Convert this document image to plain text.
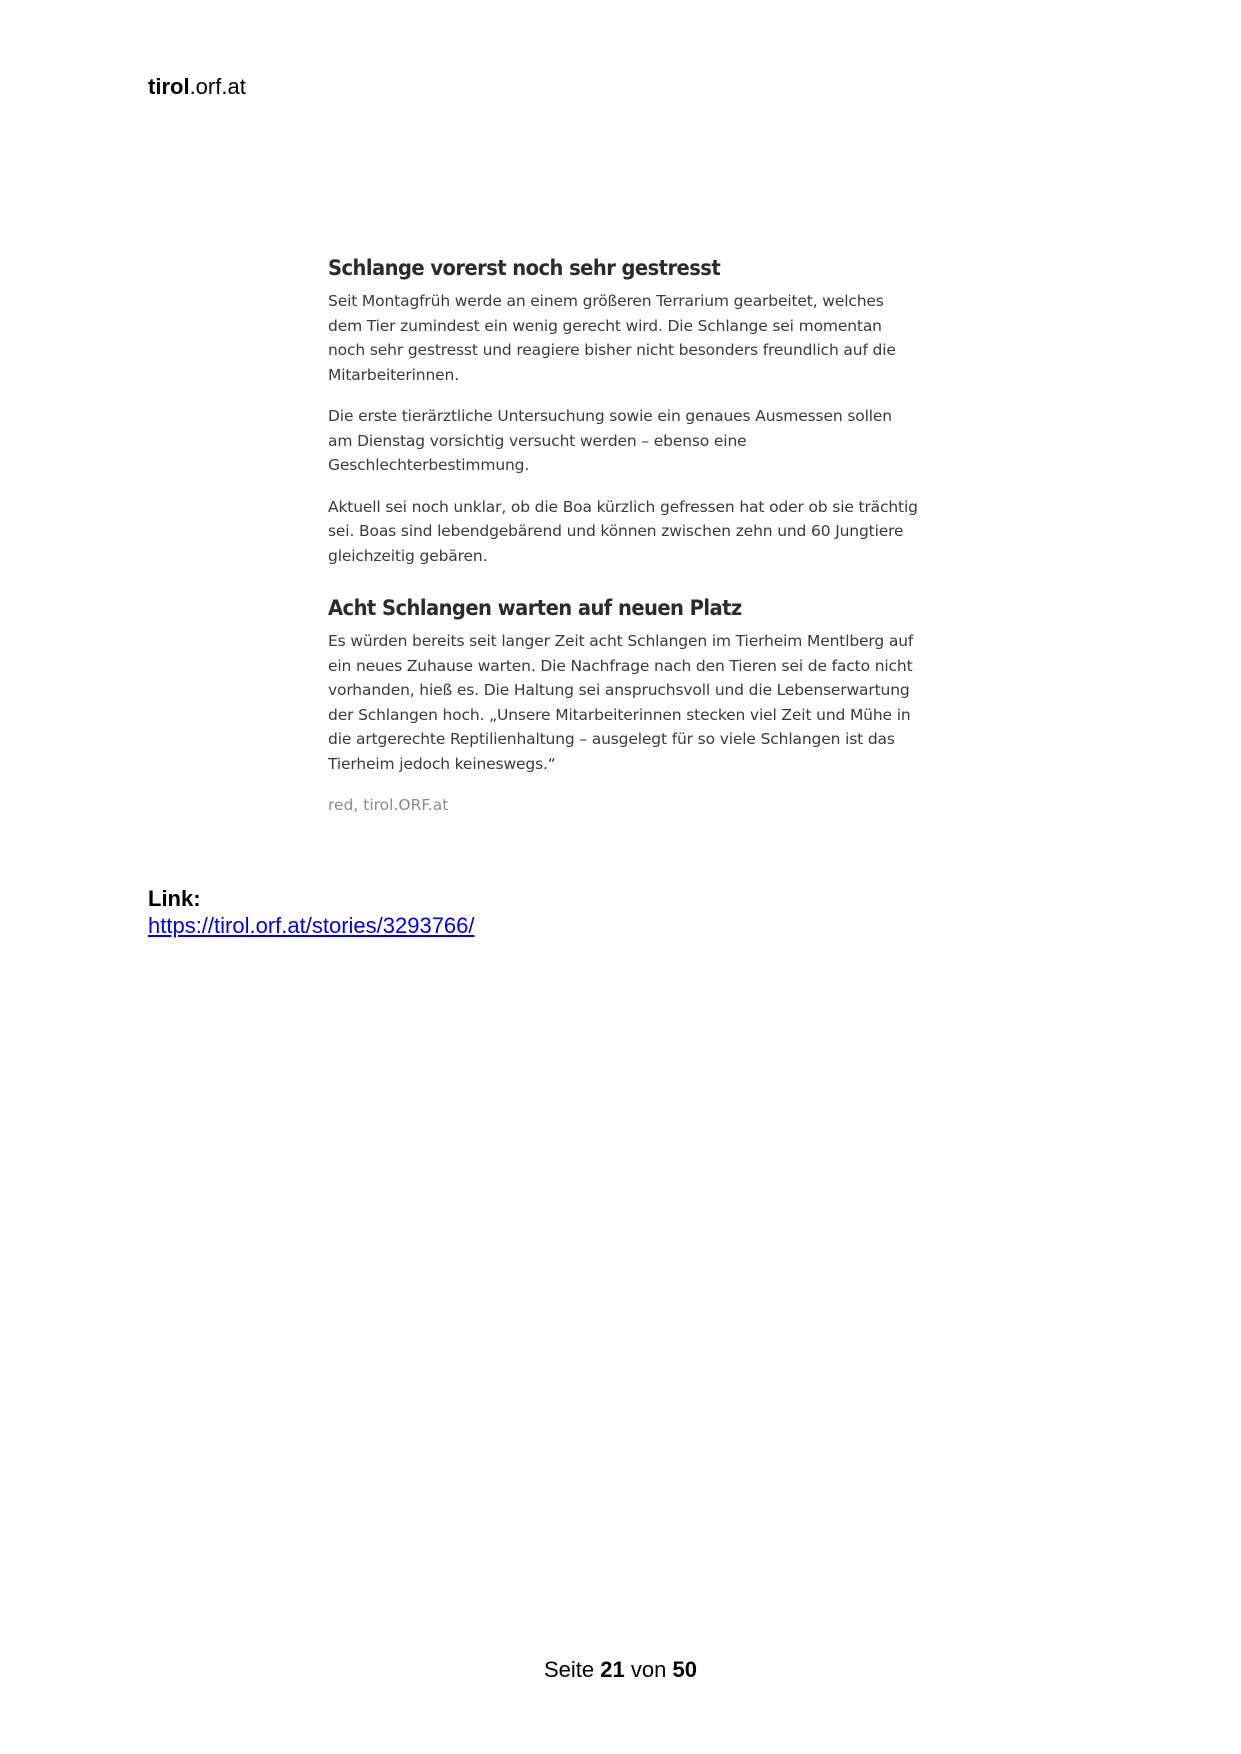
tirol.orf.at
Schlange vorerst noch sehr gestresst

Seit Montagfrüh werde an einem größeren Terrarium gearbeitet, welches dem Tier zumindest ein wenig gerecht wird. Die Schlange sei momentan noch sehr gestresst und reagiere bisher nicht besonders freundlich auf die Mitarbeiterinnen.

Die erste tierärztliche Untersuchung sowie ein genaues Ausmessen sollen am Dienstag vorsichtig versucht werden – ebenso eine Geschlechterbestimmung.

Aktuell sei noch unklar, ob die Boa kürzlich gefressen hat oder ob sie trächtig sei. Boas sind lebendgebärend und können zwischen zehn und 60 Jungtiere gleichzeitig gebären.

Acht Schlangen warten auf neuen Platz

Es würden bereits seit langer Zeit acht Schlangen im Tierheim Mentlberg auf ein neues Zuhause warten. Die Nachfrage nach den Tieren sei de facto nicht vorhanden, hieß es. Die Haltung sei anspruchsvoll und die Lebenserwartung der Schlangen hoch. „Unsere Mitarbeiterinnen stecken viel Zeit und Mühe in die artgerechte Reptilienhaltung – ausgelegt für so viele Schlangen ist das Tierheim jedoch keineswegs.“

red, tirol.ORF.at
Link:
https://tirol.orf.at/stories/3293766/
Seite 21 von 50
